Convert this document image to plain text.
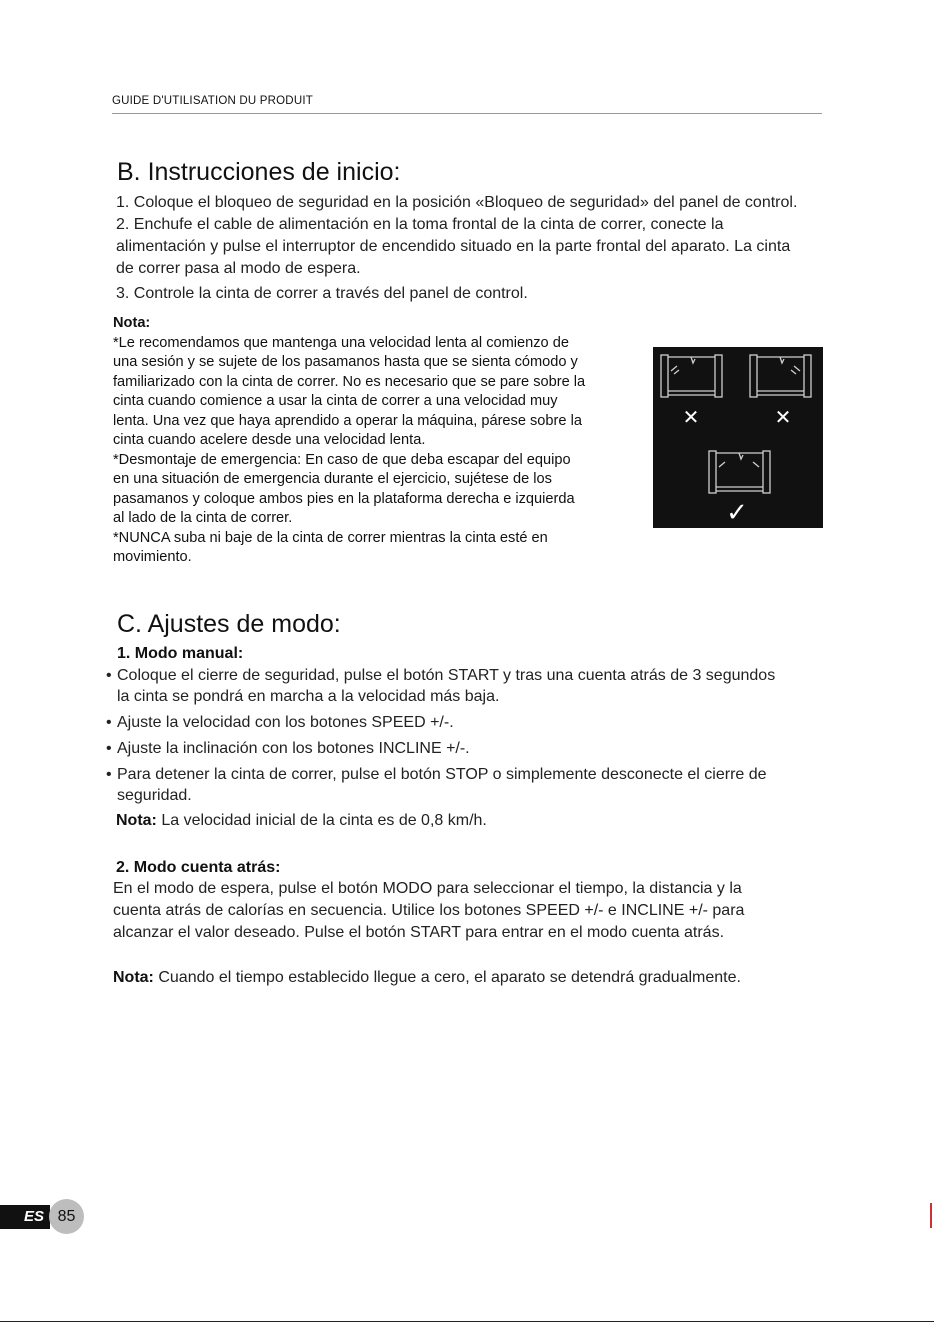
GUIDE D'UTILISATION DU PRODUIT
B. Instrucciones de inicio:
1. Coloque el bloqueo de seguridad en la posición «Bloqueo de seguridad» del panel de control.
2. Enchufe el cable de alimentación en la toma frontal de la cinta de correr, conecte la
alimentación y pulse el interruptor de encendido situado en la parte frontal del aparato. La cinta
de correr pasa al modo de espera.
3. Controle la cinta de correr a través del panel de control.
Nota:
*Le recomendamos que mantenga una velocidad lenta al comienzo de
una sesión y se sujete de los pasamanos hasta que se sienta cómodo y
familiarizado con la cinta de correr. No es necesario que se pare sobre la
cinta cuando comience a usar la cinta de correr a una velocidad muy
lenta. Una vez que haya aprendido a operar la máquina, párese sobre la
cinta cuando acelere desde una velocidad lenta.
*Desmontaje de emergencia: En caso de que deba escapar del equipo
en una situación de emergencia durante el ejercicio, sujétese de los
pasamanos y coloque ambos pies en la plataforma derecha e izquierda
al lado de la cinta de correr.
*NUNCA suba ni baje de la cinta de correr mientras la cinta esté en
movimiento.
✕	✕
✓
C. Ajustes de modo:
1. Modo manual:
• Coloque el cierre de seguridad, pulse el botón START y tras una cuenta atrás de 3 segundos
la cinta se pondrá en marcha a la velocidad más baja.
• Ajuste la velocidad con los botones SPEED +/-.
• Ajuste la inclinación con los botones INCLINE +/-.
• Para detener la cinta de correr, pulse el botón STOP o simplemente desconecte el cierre de
seguridad.
Nota: La velocidad inicial de la cinta es de 0,8 km/h.
2. Modo cuenta atrás:
En el modo de espera, pulse el botón MODO para seleccionar el tiempo, la distancia y la
cuenta atrás de calorías en secuencia. Utilice los botones SPEED +/- e INCLINE +/- para
alcanzar el valor deseado. Pulse el botón START para entrar en el modo cuenta atrás.
Nota: Cuando el tiempo establecido llegue a cero, el aparato se detendrá gradualmente.
ES 85
